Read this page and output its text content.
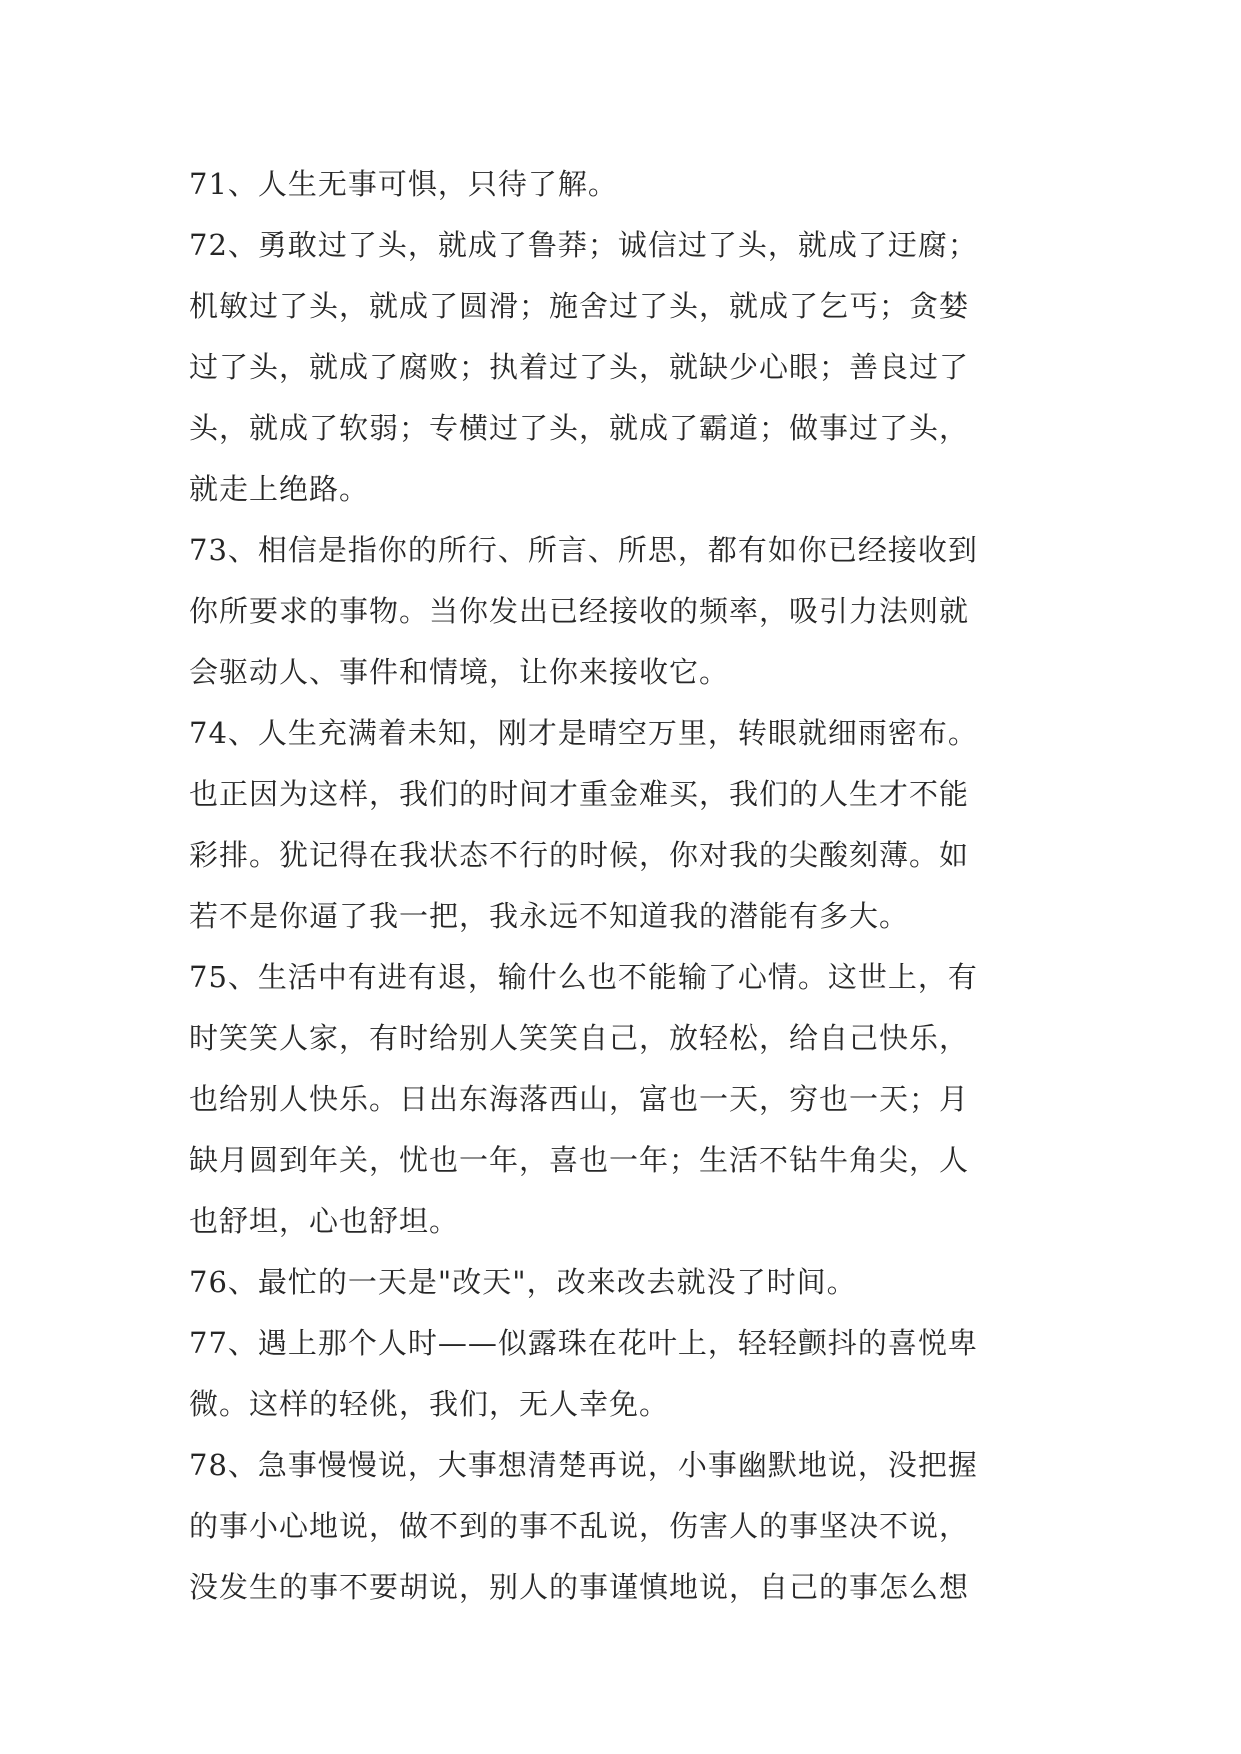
71、人生无事可惧，只待了解。
72、勇敢过了头，就成了鲁莽；诚信过了头，就成了迂腐；
机敏过了头，就成了圆滑；施舍过了头，就成了乞丐；贪婪
过了头，就成了腐败；执着过了头，就缺少心眼；善良过了
头，就成了软弱；专横过了头，就成了霸道；做事过了头，
就走上绝路。
73、相信是指你的所行、所言、所思，都有如你已经接收到
你所要求的事物。当你发出已经接收的频率，吸引力法则就
会驱动人、事件和情境，让你来接收它。
74、人生充满着未知，刚才是晴空万里，转眼就细雨密布。
也正因为这样，我们的时间才重金难买，我们的人生才不能
彩排。犹记得在我状态不行的时候，你对我的尖酸刻薄。如
若不是你逼了我一把，我永远不知道我的潜能有多大。
75、生活中有进有退，输什么也不能输了心情。这世上，有
时笑笑人家，有时给别人笑笑自己，放轻松，给自己快乐，
也给别人快乐。日出东海落西山，富也一天，穷也一天；月
缺月圆到年关，忧也一年，喜也一年；生活不钻牛角尖，人
也舒坦，心也舒坦。
76、最忙的一天是"改天"，改来改去就没了时间。
77、遇上那个人时——似露珠在花叶上，轻轻颤抖的喜悦卑
微。这样的轻佻，我们，无人幸免。
78、急事慢慢说，大事想清楚再说，小事幽默地说，没把握
的事小心地说，做不到的事不乱说，伤害人的事坚决不说，
没发生的事不要胡说，别人的事谨慎地说，自己的事怎么想
